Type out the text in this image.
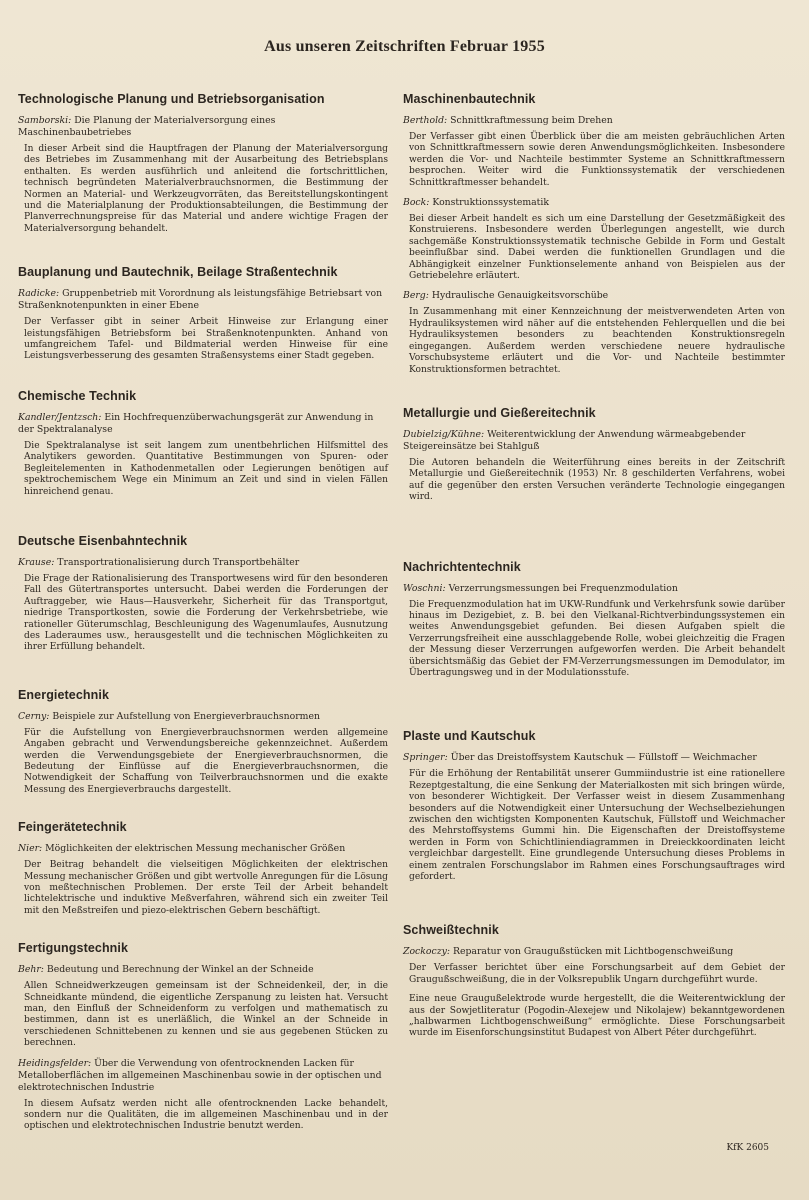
Aus unseren Zeitschriften Februar 1955
Technologische Planung und Betriebsorganisation
Samborski: Die Planung der Materialversorgung eines Maschinenbaubetriebes
In dieser Arbeit sind die Hauptfragen der Planung der Materialversorgung des Betriebes im Zusammenhang mit der Ausarbeitung des Betriebsplans enthalten. Es werden ausführlich und anleitend die fortschrittlichen, technisch begründeten Materialverbrauchsnormen, die Bestimmung der Normen an Material- und Werkzeugvorräten, das Bereitstellungskontingent und die Materialplanung der Produktionsabteilungen, die Bestimmung der Planverrechnungspreise für das Material und andere wichtige Fragen der Materialversorgung behandelt.
Bauplanung und Bautechnik, Beilage Straßentechnik
Radicke: Gruppenbetrieb mit Vorordnung als leistungsfähige Betriebsart von Straßenknotenpunkten in einer Ebene
Der Verfasser gibt in seiner Arbeit Hinweise zur Erlangung einer leistungsfähigen Betriebsform bei Straßenknotenpunkten. Anhand von umfangreichem Tafel- und Bildmaterial werden Hinweise für eine Leistungsverbesserung des gesamten Straßensystems einer Stadt gegeben.
Chemische Technik
Kandler/Jentzsch: Ein Hochfrequenzüberwachungsgerät zur Anwendung in der Spektralanalyse
Die Spektralanalyse ist seit langem zum unentbehrlichen Hilfsmittel des Analytikers geworden. Quantitative Bestimmungen von Spuren- oder Begleitelementen in Kathodenmetallen oder Legierungen benötigen auf spektrochemischem Wege ein Minimum an Zeit und sind in vielen Fällen hinreichend genau.
Deutsche Eisenbahntechnik
Krause: Transportrationalisierung durch Transportbehälter
Die Frage der Rationalisierung des Transportwesens wird für den besonderen Fall des Gütertransportes untersucht. Dabei werden die Forderungen der Auftraggeber, wie Haus—Hausverkehr, Sicherheit für das Transportgut, niedrige Transportkosten, sowie die Forderung der Verkehrsbetriebe, wie rationeller Güterumschlag, Beschleunigung des Wagenumlaufes, Ausnutzung des Laderaumes usw., herausgestellt und die technischen Möglichkeiten zu ihrer Erfüllung behandelt.
Energietechnik
Cerny: Beispiele zur Aufstellung von Energieverbrauchsnormen
Für die Aufstellung von Energieverbrauchsnormen werden allgemeine Angaben gebracht und Verwendungsbereiche gekennzeichnet. Außerdem werden die Verwendungsgebiete der Energieverbrauchsnormen, die Bedeutung der Einflüsse auf die Energieverbrauchsnormen, die Notwendigkeit der Schaffung von Teilverbrauchsnormen und die exakte Messung des Energieverbrauchs dargestellt.
Feingerätetechnik
Nier: Möglichkeiten der elektrischen Messung mechanischer Größen
Der Beitrag behandelt die vielseitigen Möglichkeiten der elektrischen Messung mechanischer Größen und gibt wertvolle Anregungen für die Lösung von meßtechnischen Problemen. Der erste Teil der Arbeit behandelt lichtelektrische und induktive Meßverfahren, während sich ein zweiter Teil mit den Meßstreifen und piezo-elektrischen Gebern beschäftigt.
Fertigungstechnik
Behr: Bedeutung und Berechnung der Winkel an der Schneide
Allen Schneidwerkzeugen gemeinsam ist der Schneidenkeil, der, in die Schneidkante mündend, die eigentliche Zerspanung zu leisten hat. Versucht man, den Einfluß der Schneidenform zu verfolgen und mathematisch zu bestimmen, dann ist es unerläßlich, die Winkel an der Schneide in verschiedenen Schnittebenen zu kennen und sie aus gegebenen Stücken zu berechnen.
Heidingsfelder: Über die Verwendung von ofentrocknenden Lacken für Metalloberflächen im allgemeinen Maschinenbau sowie in der optischen und elektrotechnischen Industrie
In diesem Aufsatz werden nicht alle ofentrocknenden Lacke behandelt, sondern nur die Qualitäten, die im allgemeinen Maschinenbau und in der optischen und elektrotechnischen Industrie benutzt werden.
Maschinenbautechnik
Berthold: Schnittkraftmessung beim Drehen
Der Verfasser gibt einen Überblick über die am meisten gebräuchlichen Arten von Schnittkraftmessern sowie deren Anwendungsmöglichkeiten. Insbesondere werden die Vor- und Nachteile bestimmter Systeme an Schnittkraftmessern besprochen. Weiter wird die Funktionssystematik der verschiedenen Schnittkraftmesser behandelt.
Bock: Konstruktionssystematik
Bei dieser Arbeit handelt es sich um eine Darstellung der Gesetzmäßigkeit des Konstruierens. Insbesondere werden Überlegungen angestellt, wie durch sachgemäße Konstruktionssystematik technische Gebilde in Form und Gestalt beeinflußbar sind. Dabei werden die funktionellen Grundlagen und die Abhängigkeit einzelner Funktionselemente anhand von Beispielen aus der Getriebelehre erläutert.
Berg: Hydraulische Genauigkeitsvorschübe
In Zusammenhang mit einer Kennzeichnung der meistverwendeten Arten von Hydrauliksystemen wird näher auf die entstehenden Fehlerquellen und die bei Hydrauliksystemen besonders zu beachtenden Konstruktionsregeln eingegangen. Außerdem werden verschiedene neuere hydraulische Vorschubsysteme erläutert und die Vor- und Nachteile bestimmter Konstruktionsformen betrachtet.
Metallurgie und Gießereitechnik
Dubielzig/Kühne: Weiterentwicklung der Anwendung wärmeabgebender Steigereinsätze bei Stahlguß
Die Autoren behandeln die Weiterführung eines bereits in der Zeitschrift Metallurgie und Gießereitechnik (1953) Nr. 8 geschilderten Verfahrens, wobei auf die gegenüber den ersten Versuchen veränderte Technologie eingegangen wird.
Nachrichtentechnik
Woschni: Verzerrungsmessungen bei Frequenzmodulation
Die Frequenzmodulation hat im UKW-Rundfunk und Verkehrsfunk sowie darüber hinaus im Dezigebiet, z. B. bei den Vielkanal-Richtverbindungssystemen ein weites Anwendungsgebiet gefunden. Bei diesen Aufgaben spielt die Verzerrungsfreiheit eine ausschlaggebende Rolle, wobei gleichzeitig die Fragen der Messung dieser Verzerrungen aufgeworfen werden. Die Arbeit behandelt übersichtsmäßig das Gebiet der FM-Verzerrungsmessungen im Demodulator, im Übertragungsweg und in der Modulationsstufe.
Plaste und Kautschuk
Springer: Über das Dreistoffsystem Kautschuk — Füllstoff — Weichmacher
Für die Erhöhung der Rentabilität unserer Gummiindustrie ist eine rationellere Rezeptgestaltung, die eine Senkung der Materialkosten mit sich bringen würde, von besonderer Wichtigkeit. Der Verfasser weist in diesem Zusammenhang besonders auf die Notwendigkeit einer Untersuchung der Wechselbeziehungen zwischen den wichtigsten Komponenten Kautschuk, Füllstoff und Weichmacher des Mehrstoffsystems Gummi hin. Die Eigenschaften der Dreistoffsysteme werden in Form von Schichtliniendiagrammen in Dreieckkoordinaten leicht vergleichbar dargestellt. Eine grundlegende Untersuchung dieses Problems in einem zentralen Forschungslabor im Rahmen eines Forschungsauftrages wird gefordert.
Schweißtechnik
Zockoczy: Reparatur von Graugußstücken mit Lichtbogenschweißung
Der Verfasser berichtet über eine Forschungsarbeit auf dem Gebiet der Graugußschweißung, die in der Volksrepublik Ungarn durchgeführt wurde.
Eine neue Graugußelektrode wurde hergestellt, die die Weiterentwicklung der aus der Sowjetliteratur (Pogodin-Alexejew und Nikolajew) bekanntgewordenen „halbwarmen Lichtbogenschweißung“ ermöglichte. Diese Forschungsarbeit wurde im Eisenforschungsinstitut Budapest von Albert Péter durchgeführt.
KfK 2605
